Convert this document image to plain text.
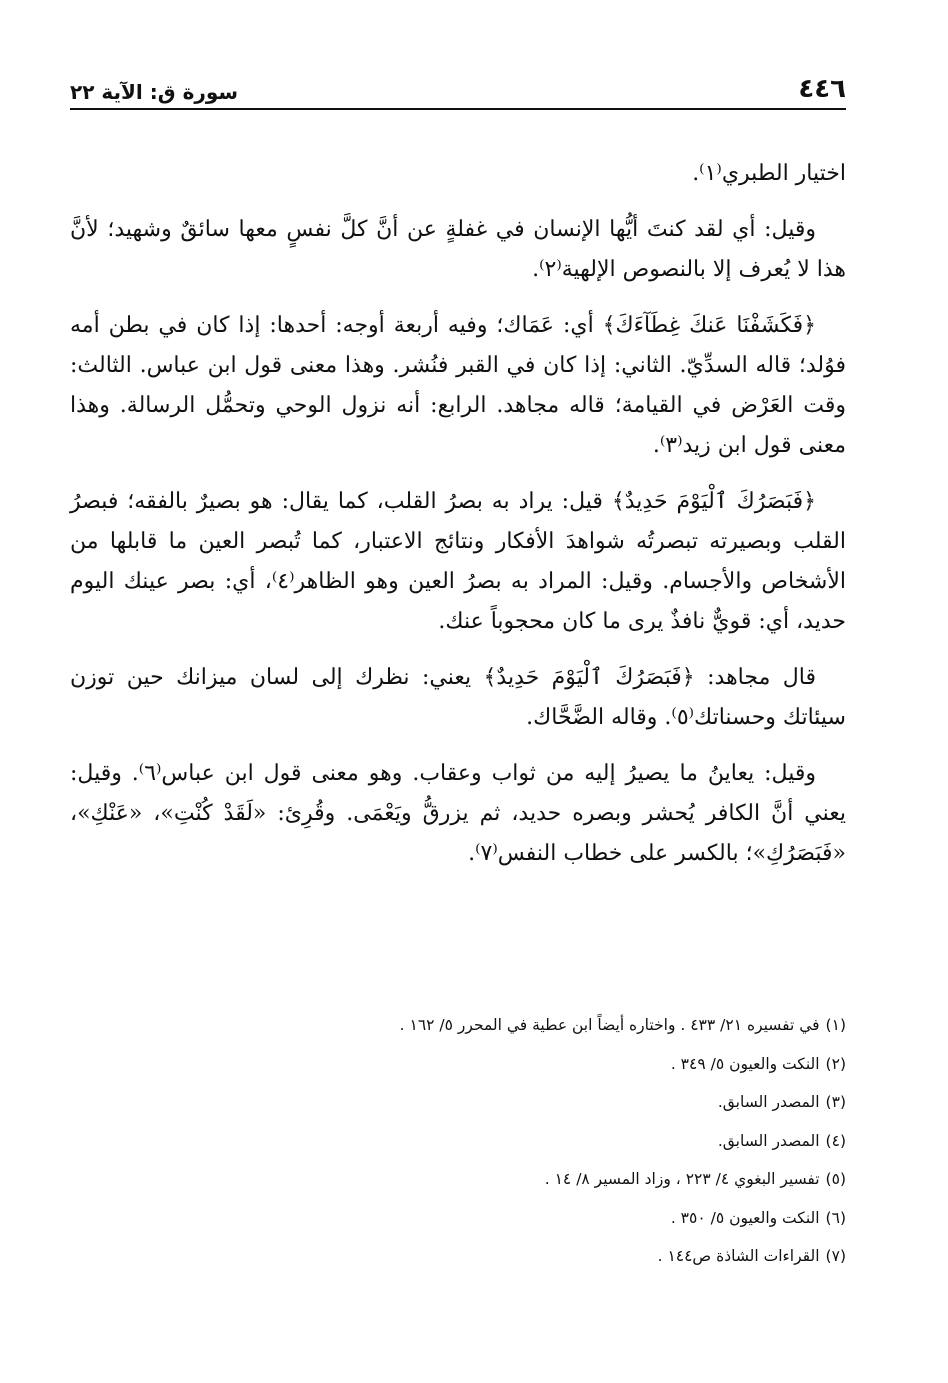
٤٤٦
سورة ق: الآية ٢٢

اختيار الطبري⁽١⁾.

وقيل: أي لقد كنتَ أيُّها الإنسان في غفلةٍ عن أنَّ كلَّ نفسٍ معها سائقٌ وشهيد؛ لأنَّ هذا لا يُعرف إلا بالنصوص الإلهية⁽٢⁾.

﴿فَكَشَفْنَا عَنكَ غِطَآءَكَ﴾ أي: عَمَاك؛ وفيه أربعة أوجه: أحدها: إذا كان في بطن أمه فوُلد؛ قاله السدِّيّ. الثاني: إذا كان في القبر فنُشر. وهذا معنى قول ابن عباس. الثالث: وقت العَرْض في القيامة؛ قاله مجاهد. الرابع: أنه نزول الوحي وتحمُّل الرسالة. وهذا معنى قول ابن زيد⁽٣⁾.

﴿فَبَصَرُكَ ٱلْيَوْمَ حَدِيدٌ﴾ قيل: يراد به بصرُ القلب، كما يقال: هو بصيرٌ بالفقه؛ فبصرُ القلب وبصيرته تبصرتُه شواهدَ الأفكار ونتائج الاعتبار، كما تُبصر العين ما قابلها من الأشخاص والأجسام. وقيل: المراد به بصرُ العين وهو الظاهر⁽٤⁾، أي: بصر عينك اليوم حديد، أي: قويٌّ نافذٌ يرى ما كان محجوباً عنك.

قال مجاهد: ﴿فَبَصَرُكَ ٱلْيَوْمَ حَدِيدٌ﴾ يعني: نظرك إلى لسان ميزانك حين توزن سيئاتك وحسناتك⁽٥⁾. وقاله الضَّحَّاك.

وقيل: يعاينُ ما يصيرُ إليه من ثواب وعقاب. وهو معنى قول ابن عباس⁽٦⁾. وقيل: يعني أنَّ الكافر يُحشر وبصره حديد، ثم يزرقُّ ويَعْمَى. وقُرِئ: «لَقَدْ كُنْتِ»، «عَنْكِ»، «فَبَصَرُكِ»؛ بالكسر على خطاب النفس⁽٧⁾.

(١)في تفسيره ٢١/ ٤٣٣ . واختاره أيضاً ابن عطية في المحرر ٥/ ١٦٢ .
(٢)النكت والعيون ٥/ ٣٤٩ .
(٣)المصدر السابق.
(٤)المصدر السابق.
(٥)تفسير البغوي ٤/ ٢٢٣ ، وزاد المسير ٨/ ١٤ .
(٦)النكت والعيون ٥/ ٣٥٠ .
(٧)القراءات الشاذة ص١٤٤ .
